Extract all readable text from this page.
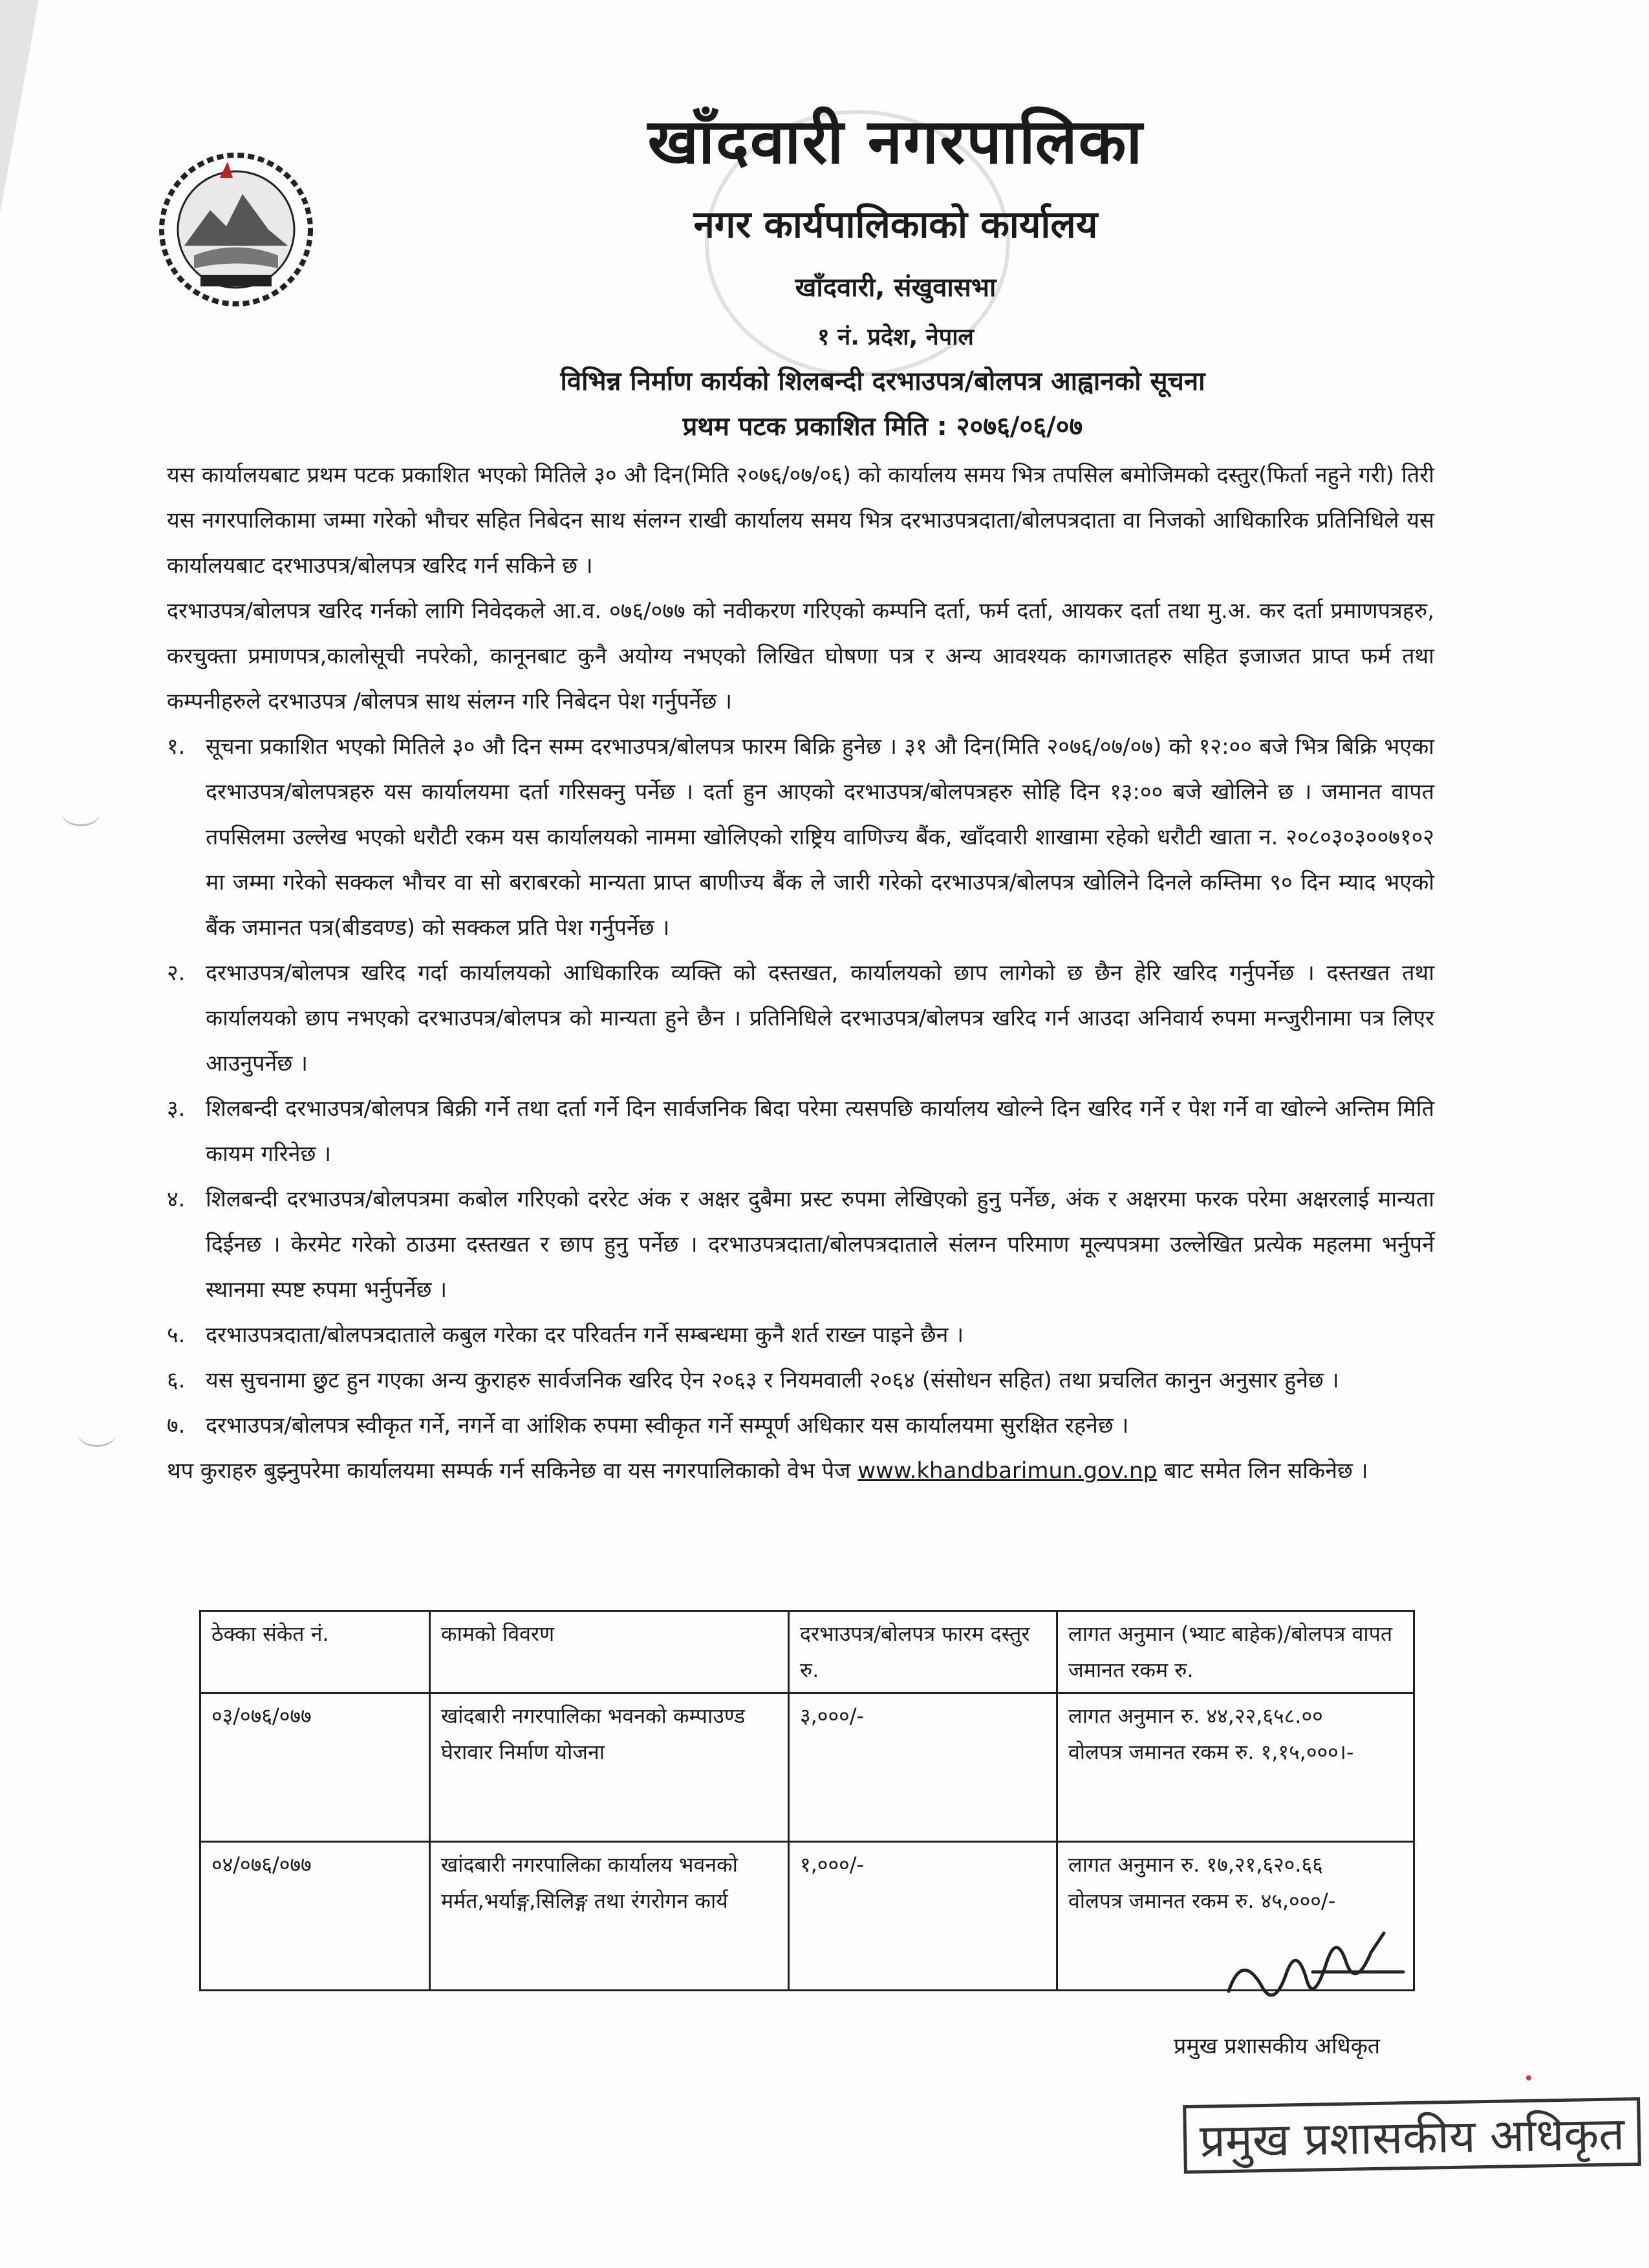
खाँदवारी नगरपालिका
नगर कार्यपालिकाको कार्यालय
खाँदवारी, संखुवासभा
१ नं. प्रदेश, नेपाल
विभिन्न निर्माण कार्यको शिलबन्दी दरभाउपत्र/बोलपत्र आह्वानको सूचना
प्रथम पटक प्रकाशित मिति : २०७६/०६/०७

यस कार्यालयबाट प्रथम पटक प्रकाशित भएको मितिले ३० औ दिन(मिति २०७६/०७/०६) को कार्यालय समय भित्र तपसिल बमोजिमको दस्तुर(फिर्ता नहुने गरी) तिरी यस नगरपालिकामा जम्मा गरेको भौचर सहित निबेदन साथ संलग्न राखी कार्यालय समय भित्र दरभाउपत्रदाता/बोलपत्रदाता वा निजको आधिकारिक प्रतिनिधिले यस कार्यालयबाट दरभाउपत्र/बोलपत्र खरिद गर्न सकिने छ ।

दरभाउपत्र/बोलपत्र खरिद गर्नको लागि निवेदकले आ.व. ०७६/०७७ को नवीकरण गरिएको कम्पनि दर्ता, फर्म दर्ता, आयकर दर्ता तथा मु.अ. कर दर्ता प्रमाणपत्रहरु, करचुक्ता प्रमाणपत्र,कालोसूची नपरेको, कानूनबाट कुनै अयोग्य नभएको लिखित घोषणा पत्र र अन्य आवश्यक कागजातहरु सहित इजाजत प्राप्त फर्म तथा कम्पनीहरुले दरभाउपत्र /बोलपत्र साथ संलग्न गरि निबेदन पेश गर्नुपर्नेछ ।

१. सूचना प्रकाशित भएको मितिले ३० औ दिन सम्म दरभाउपत्र/बोलपत्र फारम बिक्रि हुनेछ । ३१ औ दिन(मिति २०७६/०७/०७) को १२:०० बजे भित्र बिक्रि भएका दरभाउपत्र/बोलपत्रहरु यस कार्यालयमा दर्ता गरिसक्नु पर्नेछ । दर्ता हुन आएको दरभाउपत्र/बोलपत्रहरु सोहि दिन १३:०० बजे खोलिने छ । जमानत वापत तपसिलमा उल्लेख भएको धरौटी रकम यस कार्यालयको नाममा खोलिएको राष्ट्रिय वाणिज्य बैंक, खाँदवारी शाखामा रहेको धरौटी खाता न. २०८०३०३००७१०२ मा जम्मा गरेको सक्कल भौचर वा सो बराबरको मान्यता प्राप्त बाणीज्य बैंक ले जारी गरेको दरभाउपत्र/बोलपत्र खोलिने दिनले कम्तिमा ९० दिन म्याद भएको बैंक जमानत पत्र(बीडवण्ड) को सक्कल प्रति पेश गर्नुपर्नेछ ।
२. दरभाउपत्र/बोलपत्र खरिद गर्दा कार्यालयको आधिकारिक व्यक्ति को दस्तखत, कार्यालयको छाप लागेको छ छैन हेरि खरिद गर्नुपर्नेछ । दस्तखत तथा कार्यालयको छाप नभएको दरभाउपत्र/बोलपत्र को मान्यता हुने छैन । प्रतिनिधिले दरभाउपत्र/बोलपत्र खरिद गर्न आउदा अनिवार्य रुपमा मन्जुरीनामा पत्र लिएर आउनुपर्नेछ ।
३. शिलबन्दी दरभाउपत्र/बोलपत्र बिक्री गर्ने तथा दर्ता गर्ने दिन सार्वजनिक बिदा परेमा त्यसपछि कार्यालय खोल्ने दिन खरिद गर्ने र पेश गर्ने वा खोल्ने अन्तिम मिति कायम गरिनेछ ।
४. शिलबन्दी दरभाउपत्र/बोलपत्रमा कबोल गरिएको दररेट अंक र अक्षर दुबैमा प्रस्ट रुपमा लेखिएको हुनु पर्नेछ, अंक र अक्षरमा फरक परेमा अक्षरलाई मान्यता दिईनछ । केरमेट गरेको ठाउमा दस्तखत र छाप हुनु पर्नेछ । दरभाउपत्रदाता/बोलपत्रदाताले संलग्न परिमाण मूल्यपत्रमा उल्लेखित प्रत्येक महलमा भर्नुपर्ने स्थानमा स्पष्ट रुपमा भर्नुपर्नेछ ।
५. दरभाउपत्रदाता/बोलपत्रदाताले कबुल गरेका दर परिवर्तन गर्ने सम्बन्धमा कुनै शर्त राख्न पाइने छैन ।
६. यस सुचनामा छुट हुन गएका अन्य कुराहरु सार्वजनिक खरिद ऐन २०६३ र नियमवाली २०६४ (संसोधन सहित) तथा प्रचलित कानुन अनुसार हुनेछ ।
७. दरभाउपत्र/बोलपत्र स्वीकृत गर्ने, नगर्ने वा आंशिक रुपमा स्वीकृत गर्ने सम्पूर्ण अधिकार यस कार्यालयमा सुरक्षित रहनेछ ।

थप कुराहरु बुझ्नुपरेमा कार्यालयमा सम्पर्क गर्न सकिनेछ वा यस नगरपालिकाको वेभ पेज www.khandbarimun.gov.np बाट समेत लिन सकिनेछ ।

ठेक्का संकेत नं.	कामको विवरण	दरभाउपत्र/बोलपत्र फारम दस्तुर रु.	लागत अनुमान (भ्याट बाहेक)/बोलपत्र वापत जमानत रकम रु.
०३/०७६/०७७	खांदबारी नगरपालिका भवनको कम्पाउण्ड घेरावार निर्माण योजना	३,०००/-	लागत अनुमान रु. ४४,२२,६५८.००
वोलपत्र जमानत रकम रु. १,१५,०००।-

०४/०७६/०७७	खांदबारी नगरपालिका कार्यालय भवनको मर्मत,भर्याङ्ग,सिलिङ्ग तथा रंगरोगन कार्य	१,०००/-	लागत अनुमान रु. १७,२१,६२०.६६
वोलपत्र जमानत रकम रु. ४५,०००/-
प्रमुख प्रशासकीय अधिकृत
प्रमुख प्रशासकीय अधिकृत
